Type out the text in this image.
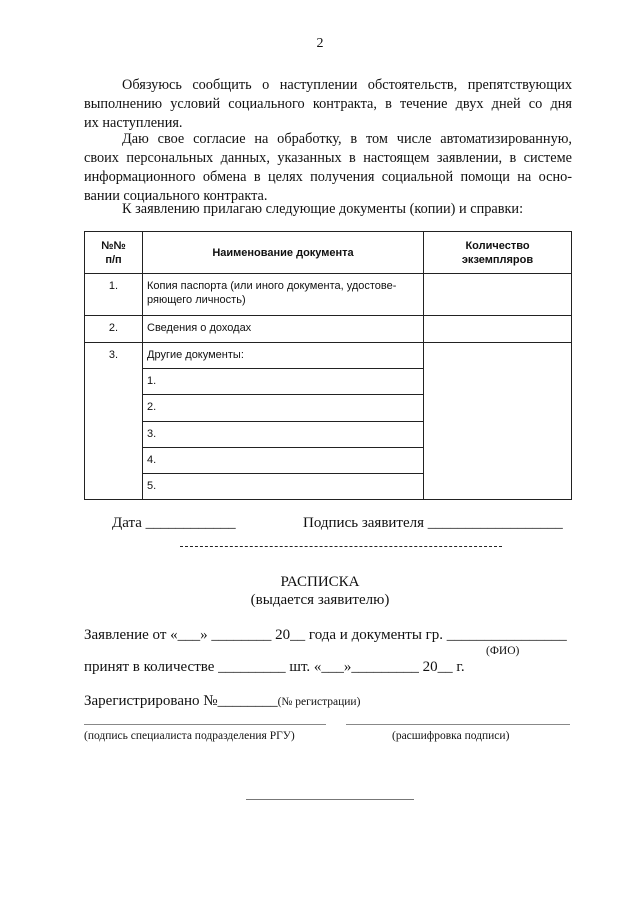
2
Обязуюсь сообщить о наступлении обстоятельств, препятствующих
выполнению условий социального контракта, в течение двух дней со дня
их наступления.
Даю свое согласие на обработку, в том числе автоматизированную,
своих персональных данных, указанных в настоящем заявлении, в системе
информационного обмена в целях получения социальной помощи на осно-
вании социального контракта.
К заявлению прилагаю следующие документы (копии) и справки:
№№
п/п	Наименование документа	Количество
экземпляров
1.	Копия паспорта (или иного документа, удостове-
ряющего личность)	
2.	Сведения о доходах	
3.	Другие документы:	
	1.	
	2.	
	3.	
	4.	
	5.	
Дата ____________	Подпись заявителя __________________
РАСПИСКА
(выдается заявителю)
Заявление от «___» ________ 20__ года и документы гр. ________________
(ФИО)
принят в количестве _________ шт. «___»_________ 20__ г.
Зарегистрировано №________(№ регистрации)
(подпись специалиста подразделения РГУ)	(расшифровка подписи)
